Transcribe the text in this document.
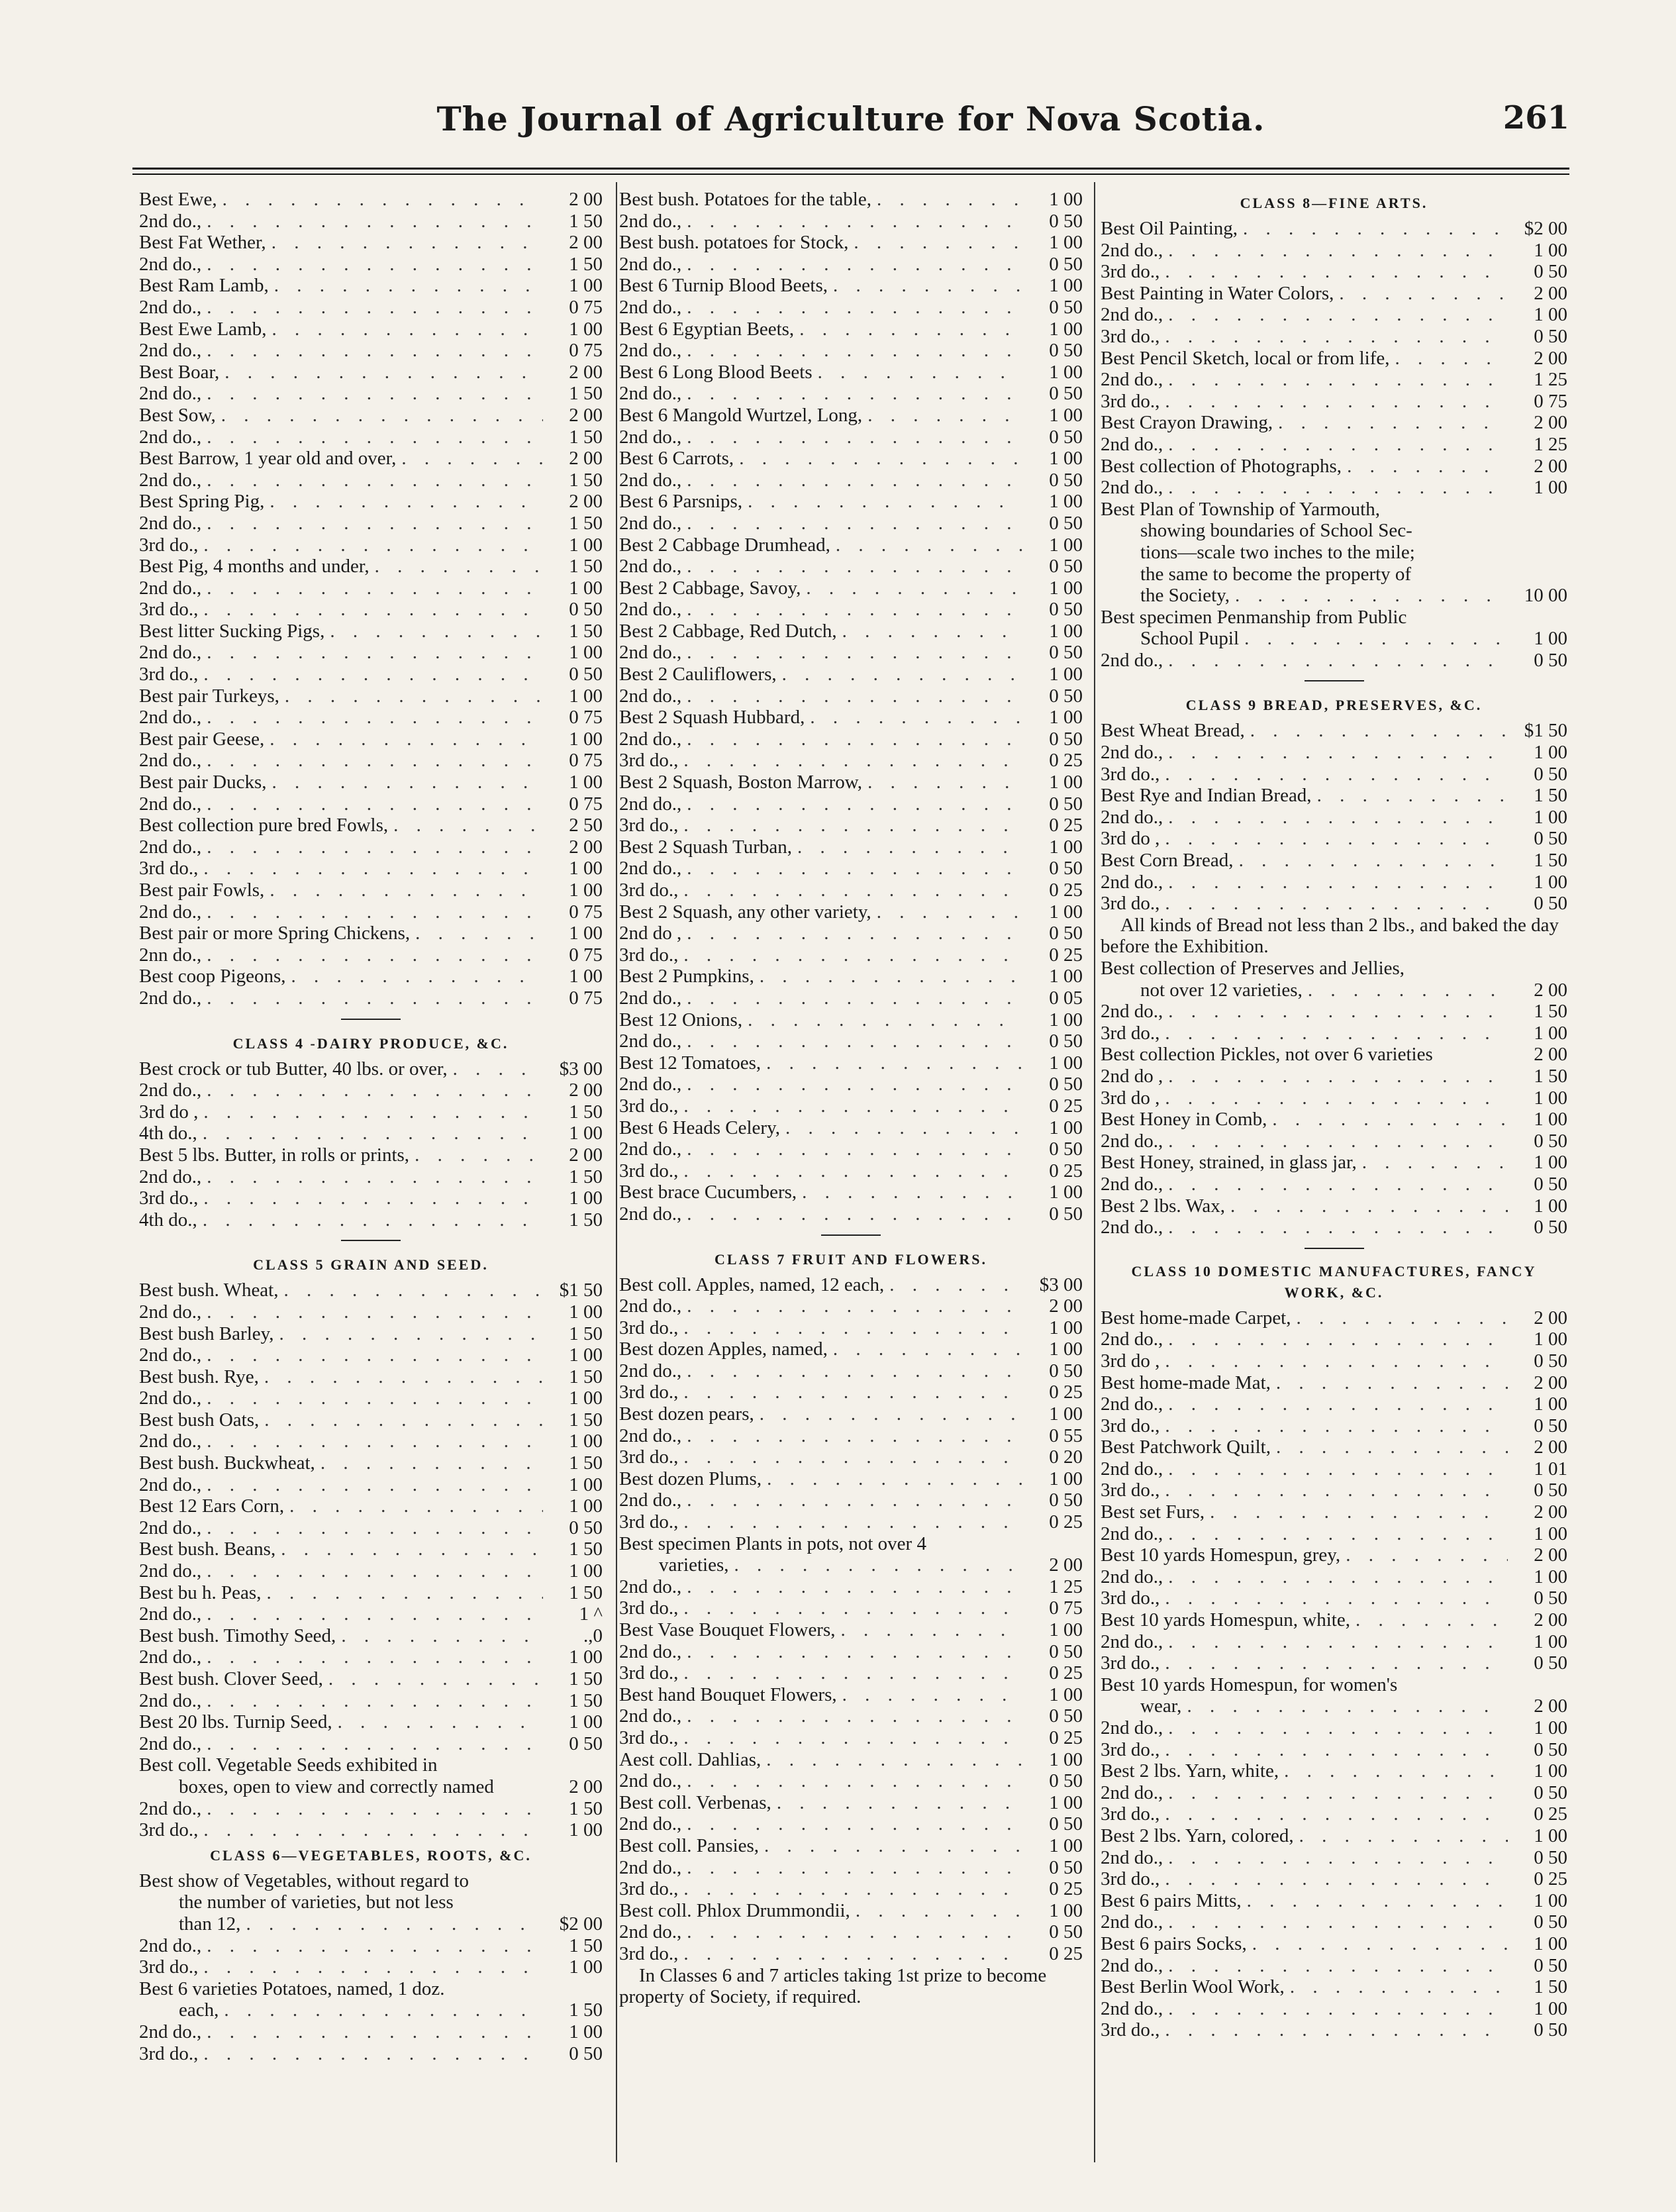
The Journal of Agriculture for Nova Scotia.	261
Best Ewe, . . .	2 00
2nd do., . . .	1 50
Best Fat Wether, . . .	2 00
2nd do., . . .	1 50
Best Ram Lamb, . . .	1 00
2nd do., . . .	0 75
Best Ewe Lamb, . . .	1 00
2nd do., . . .	0 75
Best Boar, . . .	2 00
2nd do., . . .	1 50
Best Sow, . . .	2 00
2nd do., . . .	1 50
Best Barrow, 1 year old and over, . . .	2 00
2nd do., . . .	1 50
Best Spring Pig, . . .	2 00
2nd do., . . .	1 50
3rd do., . . .	1 00
Best Pig, 4 months and under, . . .	1 50
2nd do., . . .	1 00
3rd do., . . .	0 50
Best litter Sucking Pigs, . . .	1 50
2nd do., . . .	1 00
3rd do., . . .	0 50
Best pair Turkeys, . . .	1 00
2nd do., . . .	0 75
Best pair Geese, . . .	1 00
2nd do., . . .	0 75
Best pair Ducks, . . .	1 00
2nd do., . . .	0 75
Best collection pure bred Fowls, . . .	2 50
2nd do., . . .	2 00
3rd do., . . .	1 00
Best pair Fowls, . . .	1 00
2nd do., . . .	0 75
Best pair or more Spring Chickens, . . .	1 00
2nn do., . . .	0 75
Best coop Pigeons, . . .	1 00
2nd do., . . .	0 75
CLASS 4 -DAIRY PRODUCE, &C.
Best crock or tub Butter, 40 lbs. or over, . . .	$3 00
2nd do., . . .	2 00
3rd do , . . .	1 50
4th do., . . .	1 00
Best 5 lbs. Butter, in rolls or prints, . . .	2 00
2nd do., . . .	1 50
3rd do., . . .	1 00
4th do., . . .	1 50
CLASS 5 GRAIN AND SEED.
Best bush. Wheat, . . .	$1 50
2nd do., . . .	1 00
Best bush Barley, . . .	1 50
2nd do., . . .	1 00
Best bush. Rye, . . .	1 50
2nd do., . . .	1 00
Best bush Oats, . . .	1 50
2nd do., . . .	1 00
Best bush. Buckwheat, . . .	1 50
2nd do., . . .	1 00
Best 12 Ears Corn, . . .	1 00
2nd do., . . .	0 50
Best bush. Beans, . . .	1 50
2nd do., . . .	1 00
Best bu h. Peas, . . .	1 50
2nd do., . . .	1 ^
Best bush. Timothy Seed, . . .	.,0
2nd do., . . .	1 00
Best bush. Clover Seed, . . .	1 50
2nd do., . . .	1 50
Best 20 lbs. Turnip Seed, . . .	1 00
2nd do., . . .	0 50
Best coll. Vegetable Seeds exhibited in
boxes, open to view and correctly named	2 00
2nd do., . . .	1 50
3rd do., . . .	1 00
CLASS 6—VEGETABLES, ROOTS, &C.
Best show of Vegetables, without regard to
the number of varieties, but not less
than 12, . . .	$2 00
2nd do., . . .	1 50
3rd do., . . .	1 00
Best 6 varieties Potatoes, named, 1 doz.
each, . . .	1 50
2nd do., . . .	1 00
3rd do., . . .	0 50
Best bush. Potatoes for the table, . . .	1 00
2nd do., . . .	0 50
Best bush. potatoes for Stock, . . .	1 00
2nd do., . . .	0 50
Best 6 Turnip Blood Beets, . . .	1 00
2nd do., . . .	0 50
Best 6 Egyptian Beets, . . .	1 00
2nd do., . . .	0 50
Best 6 Long Blood Beets . . .	1 00
2nd do., . . .	0 50
Best 6 Mangold Wurtzel, Long, . . .	1 00
2nd do., . . .	0 50
Best 6 Carrots, . . .	1 00
2nd do., . . .	0 50
Best 6 Parsnips, . . .	1 00
2nd do., . . .	0 50
Best 2 Cabbage Drumhead, . . .	1 00
2nd do., . . .	0 50
Best 2 Cabbage, Savoy, . . .	1 00
2nd do., . . .	0 50
Best 2 Cabbage, Red Dutch, . . .	1 00
2nd do., . . .	0 50
Best 2 Cauliflowers, . . .	1 00
2nd do., . . .	0 50
Best 2 Squash Hubbard, . . .	1 00
2nd do., . . .	0 50
3rd do., . . .	0 25
Best 2 Squash, Boston Marrow, . . .	1 00
2nd do., . . .	0 50
3rd do., . . .	0 25
Best 2 Squash Turban, . . .	1 00
2nd do., . . .	0 50
3rd do., . . .	0 25
Best 2 Squash, any other variety, . . .	1 00
2nd do , . . .	0 50
3rd do., . . .	0 25
Best 2 Pumpkins, . . .	1 00
2nd do., . . .	0 05
Best 12 Onions, . . .	1 00
2nd do., . . .	0 50
Best 12 Tomatoes, . . .	1 00
2nd do., . . .	0 50
3rd do., . . .	0 25
Best 6 Heads Celery, . . .	1 00
2nd do., . . .	0 50
3rd do., . . .	0 25
Best brace Cucumbers, . . .	1 00
2nd do., . . .	0 50
CLASS 7 FRUIT AND FLOWERS.
Best coll. Apples, named, 12 each, . . .	$3 00
2nd do., . . .	2 00
3rd do., . . .	1 00
Best dozen Apples, named, . . .	1 00
2nd do., . . .	0 50
3rd do., . . .	0 25
Best dozen pears, . . .	1 00
2nd do., . . .	0 55
3rd do., . . .	0 20
Best dozen Plums, . . .	1 00
2nd do., . . .	0 50
3rd do., . . .	0 25
Best specimen Plants in pots, not over 4
varieties, . . .	2 00
2nd do., . . .	1 25
3rd do., . . .	0 75
Best Vase Bouquet Flowers, . . .	1 00
2nd do., . . .	0 50
3rd do., . . .	0 25
Best hand Bouquet Flowers, . . .	1 00
2nd do., . . .	0 50
3rd do., . . .	0 25
Aest coll. Dahlias, . . .	1 00
2nd do., . . .	0 50
Best coll. Verbenas, . . .	1 00
2nd do., . . .	0 50
Best coll. Pansies, . . .	1 00
2nd do., . . .	0 50
3rd do., . . .	0 25
Best coll. Phlox Drummondii, . . .	1 00
2nd do., . . .	0 50
3rd do., . . .	0 25
In Classes 6 and 7 articles taking 1st prize to become property of Society, if required.
CLASS 8—FINE ARTS.
Best Oil Painting, . . .	$2 00
2nd do., . . .	1 00
3rd do., . . .	0 50
Best Painting in Water Colors, . . .	2 00
2nd do., . . .	1 00
3rd do., . . .	0 50
Best Pencil Sketch, local or from life, . . .	2 00
2nd do., . . .	1 25
3rd do., . . .	0 75
Best Crayon Drawing, . . .	2 00
2nd do., . . .	1 25
Best collection of Photographs, . . .	2 00
2nd do., . . .	1 00
Best Plan of Township of Yarmouth,
showing boundaries of School Sec-
tions—scale two inches to the mile;
the same to become the property of
the Society, . . .	10 00
Best specimen Penmanship from Public
School Pupil . . .	1 00
2nd do., . . .	0 50
CLASS 9 BREAD, PRESERVES, &C.
Best Wheat Bread, . . .	$1 50
2nd do., . . .	1 00
3rd do., . . .	0 50
Best Rye and Indian Bread, . . .	1 50
2nd do., . . .	1 00
3rd do , . . .	0 50
Best Corn Bread, . . .	1 50
2nd do., . . .	1 00
3rd do., . . .	0 50
All kinds of Bread not less than 2 lbs., and baked the day before the Exhibition.
Best collection of Preserves and Jellies,
not over 12 varieties, . . .	2 00
2nd do., . . .	1 50
3rd do., . . .	1 00
Best collection Pickles, not over 6 varieties	2 00
2nd do , . . .	1 50
3rd do , . . .	1 00
Best Honey in Comb, . . .	1 00
2nd do., . . .	0 50
Best Honey, strained, in glass jar, . . .	1 00
2nd do., . . .	0 50
Best 2 lbs. Wax, . . .	1 00
2nd do., . . .	0 50
CLASS 10 DOMESTIC MANUFACTURES, FANCY WORK, &C.
Best home-made Carpet, . . .	2 00
2nd do., . . .	1 00
3rd do , . . .	0 50
Best home-made Mat, . . .	2 00
2nd do., . . .	1 00
3rd do., . . .	0 50
Best Patchwork Quilt, . . .	2 00
2nd do., . . .	1 01
3rd do., . . .	0 50
Best set Furs, . . .	2 00
2nd do., . . .	1 00
Best 10 yards Homespun, grey, . . .	2 00
2nd do., . . .	1 00
3rd do., . . .	0 50
Best 10 yards Homespun, white, . . .	2 00
2nd do., . . .	1 00
3rd do., . . .	0 50
Best 10 yards Homespun, for women's
wear, . . .	2 00
2nd do., . . .	1 00
3rd do., . . .	0 50
Best 2 lbs. Yarn, white, . . .	1 00
2nd do., . . .	0 50
3rd do., . . .	0 25
Best 2 lbs. Yarn, colored, . . .	1 00
2nd do., . . .	0 50
3rd do., . . .	0 25
Best 6 pairs Mitts, . . .	1 00
2nd do., . . .	0 50
Best 6 pairs Socks, . . .	1 00
2nd do., . . .	0 50
Best Berlin Wool Work, . . .	1 50
2nd do., . . .	1 00
3rd do., . . .	0 50
